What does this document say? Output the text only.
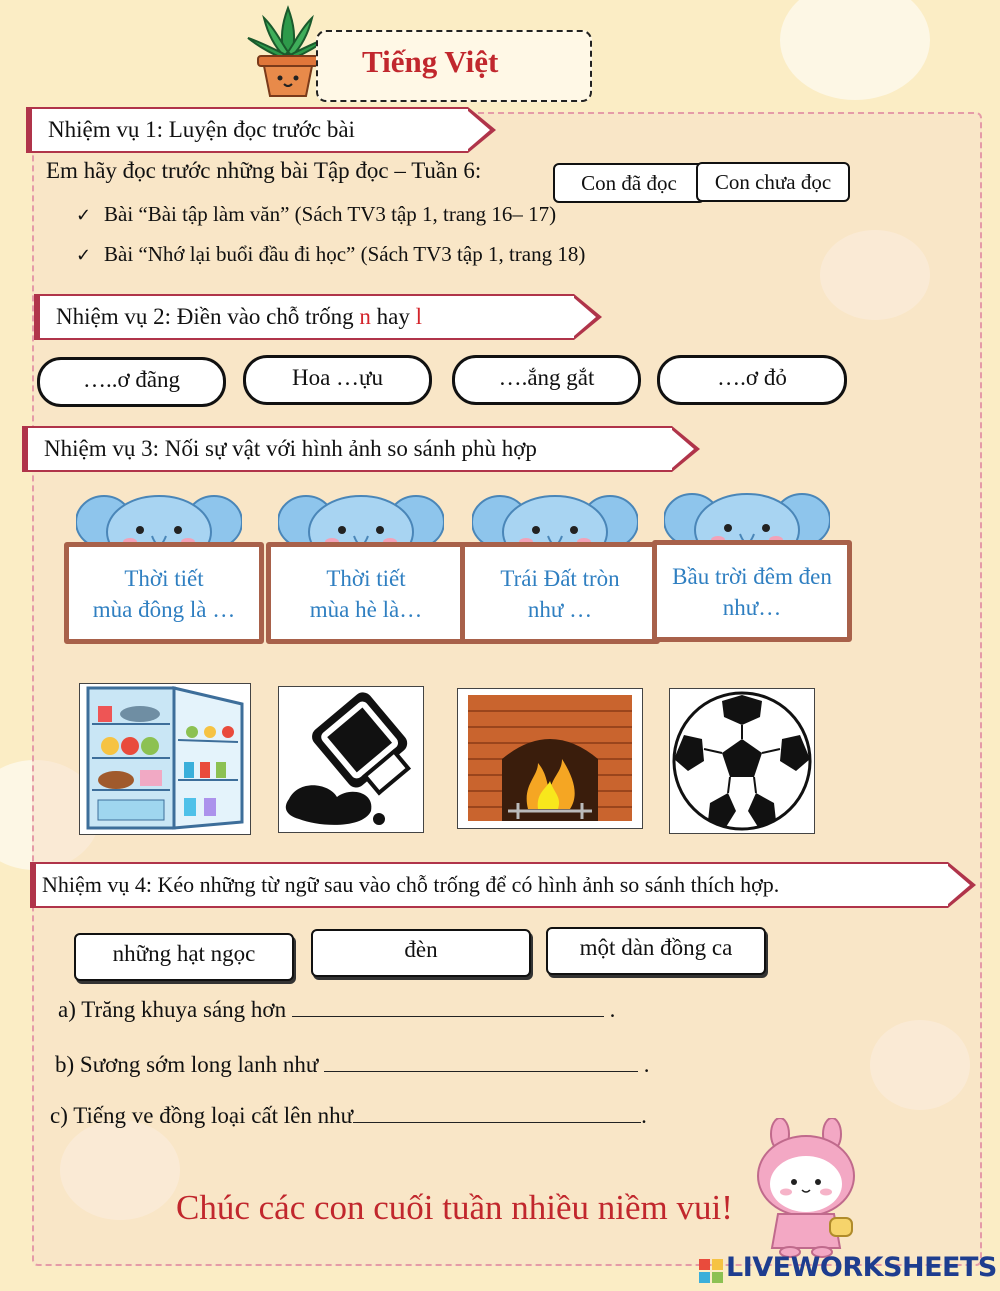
Tiếng Việt
Nhiệm vụ 1: Luyện đọc trước bài
Em hãy đọc trước những bài Tập đọc – Tuần 6:	Con đã đọc	Con chưa đọc
✓ Bài “Bài tập làm văn” (Sách TV3 tập 1, trang 16– 17)
✓ Bài “Nhớ lại buổi đầu đi học” (Sách TV3 tập 1, trang 18)
Nhiệm vụ 2: Điền vào chỗ trống n hay l
…..ơ đãng	Hoa …ựu	….ắng gắt	….ơ đỏ
Nhiệm vụ 3: Nối sự vật với hình ảnh so sánh phù hợp
Thời tiết
mùa đông là …
Thời tiết
mùa hè là…
Trái Đất tròn
như …
Bầu trời đêm đen
như…
Nhiệm vụ 4: Kéo những từ ngữ sau vào chỗ trống để có hình ảnh so sánh thích hợp.
những hạt ngọc	đèn	một dàn đồng ca
a) Trăng khuya sáng hơn	.
b) Sương sớm long lanh như	.
c) Tiếng ve đồng loại cất lên như	.
Chúc các con cuối tuần nhiều niềm vui!
LIVEWORKSHEETS
